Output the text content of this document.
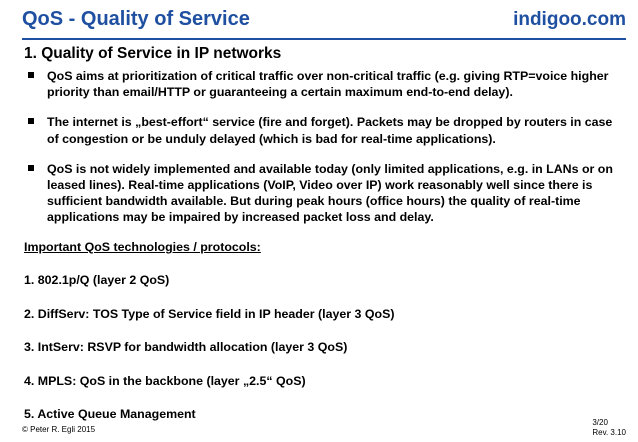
QoS - Quality of Service	indigoo.com
1. Quality of Service in IP networks
QoS aims at prioritization of critical traffic over non-critical traffic (e.g. giving RTP=voice higher priority than email/HTTP or guaranteeing a certain maximum end-to-end delay).
The internet is „best-effort“ service (fire and forget). Packets may be dropped by routers in case of congestion or be unduly delayed (which is bad for real-time applications).
QoS is not widely implemented and available today (only limited applications, e.g. in LANs or on leased lines). Real-time applications (VoIP, Video over IP) work reasonably well since there is sufficient bandwidth available. But during peak hours (office hours) the quality of real-time applications may be impaired by increased packet loss and delay.
Important QoS technologies / protocols:
1. 802.1p/Q (layer 2 QoS)
2. DiffServ: TOS Type of Service field in IP header (layer 3 QoS)
3. IntServ: RSVP for bandwidth allocation (layer 3 QoS)
4. MPLS: QoS in the backbone (layer „2.5“ QoS)
5. Active Queue Management
© Peter R. Egli 2015
3/20
Rev. 3.10
